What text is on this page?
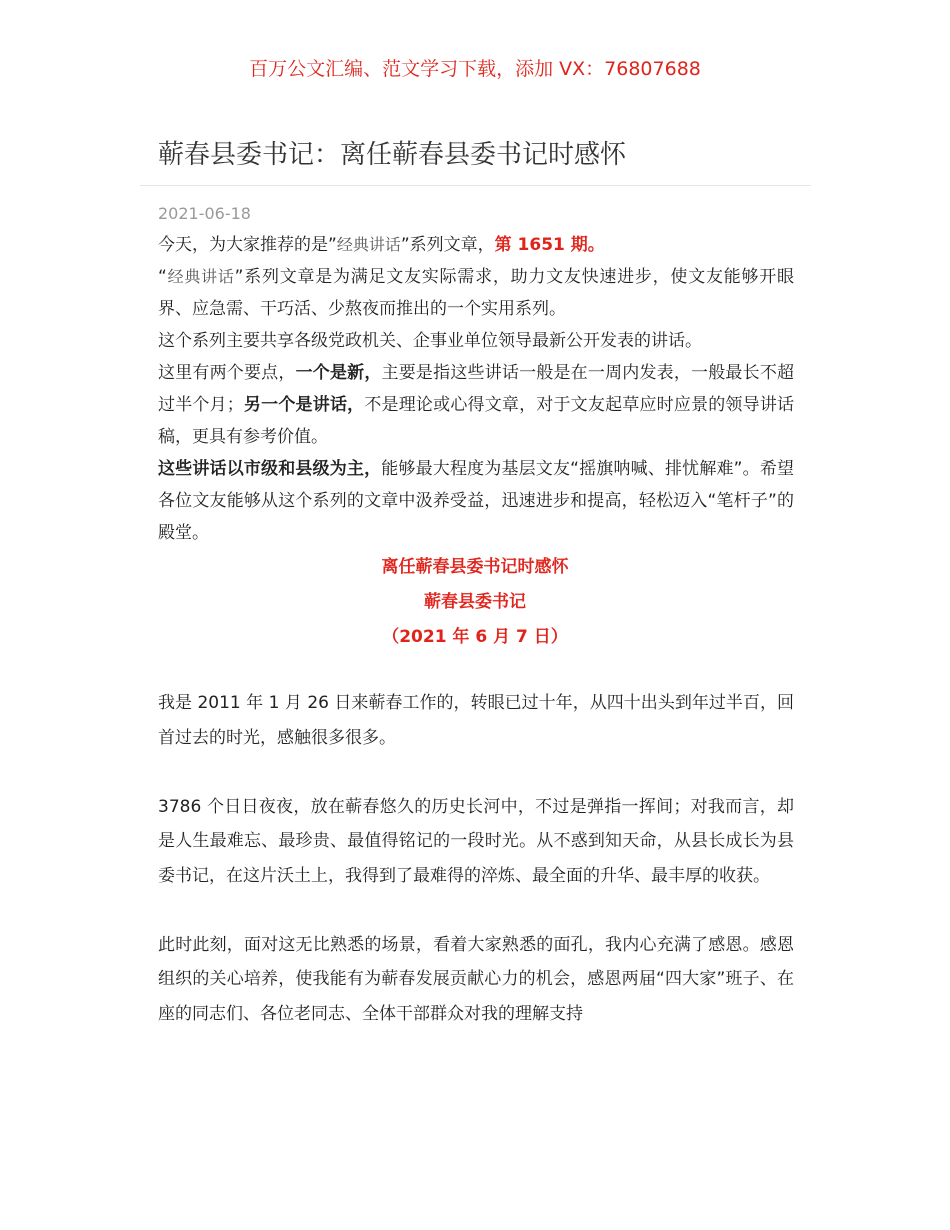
百万公文汇编、范文学习下载，添加 VX：76807688
蕲春县委书记：离任蕲春县委书记时感怀
2021-06-18

今天，为大家推荐的是”经典讲话”系列文章，第 1651 期。

“经典讲话”系列文章是为满足文友实际需求，助力文友快速进步，使文友能够开眼界、应急需、干巧活、少熬夜而推出的一个实用系列。

这个系列主要共享各级党政机关、企事业单位领导最新公开发表的讲话。

这里有两个要点，一个是新，主要是指这些讲话一般是在一周内发表，一般最长不超过半个月；另一个是讲话，不是理论或心得文章，对于文友起草应时应景的领导讲话稿，更具有参考价值。

这些讲话以市级和县级为主，能够最大程度为基层文友“摇旗呐喊、排忧解难”。希望各位文友能够从这个系列的文章中汲养受益，迅速进步和提高，轻松迈入“笔杆子”的殿堂。

离任蕲春县委书记时感怀
蕲春县委书记
（2021 年 6 月 7 日）

我是 2011 年 1 月 26 日来蕲春工作的，转眼已过十年，从四十出头到年过半百，回首过去的时光，感触很多很多。

3786 个日日夜夜，放在蕲春悠久的历史长河中，不过是弹指一挥间；对我而言，却是人生最难忘、最珍贵、最值得铭记的一段时光。从不惑到知天命，从县长成长为县委书记，在这片沃土上，我得到了最难得的淬炼、最全面的升华、最丰厚的收获。

此时此刻，面对这无比熟悉的场景，看着大家熟悉的面孔，我内心充满了感恩。感恩组织的关心培养，使我能有为蕲春发展贡献心力的机会，感恩两届“四大家”班子、在座的同志们、各位老同志、全体干部群众对我的理解支持
